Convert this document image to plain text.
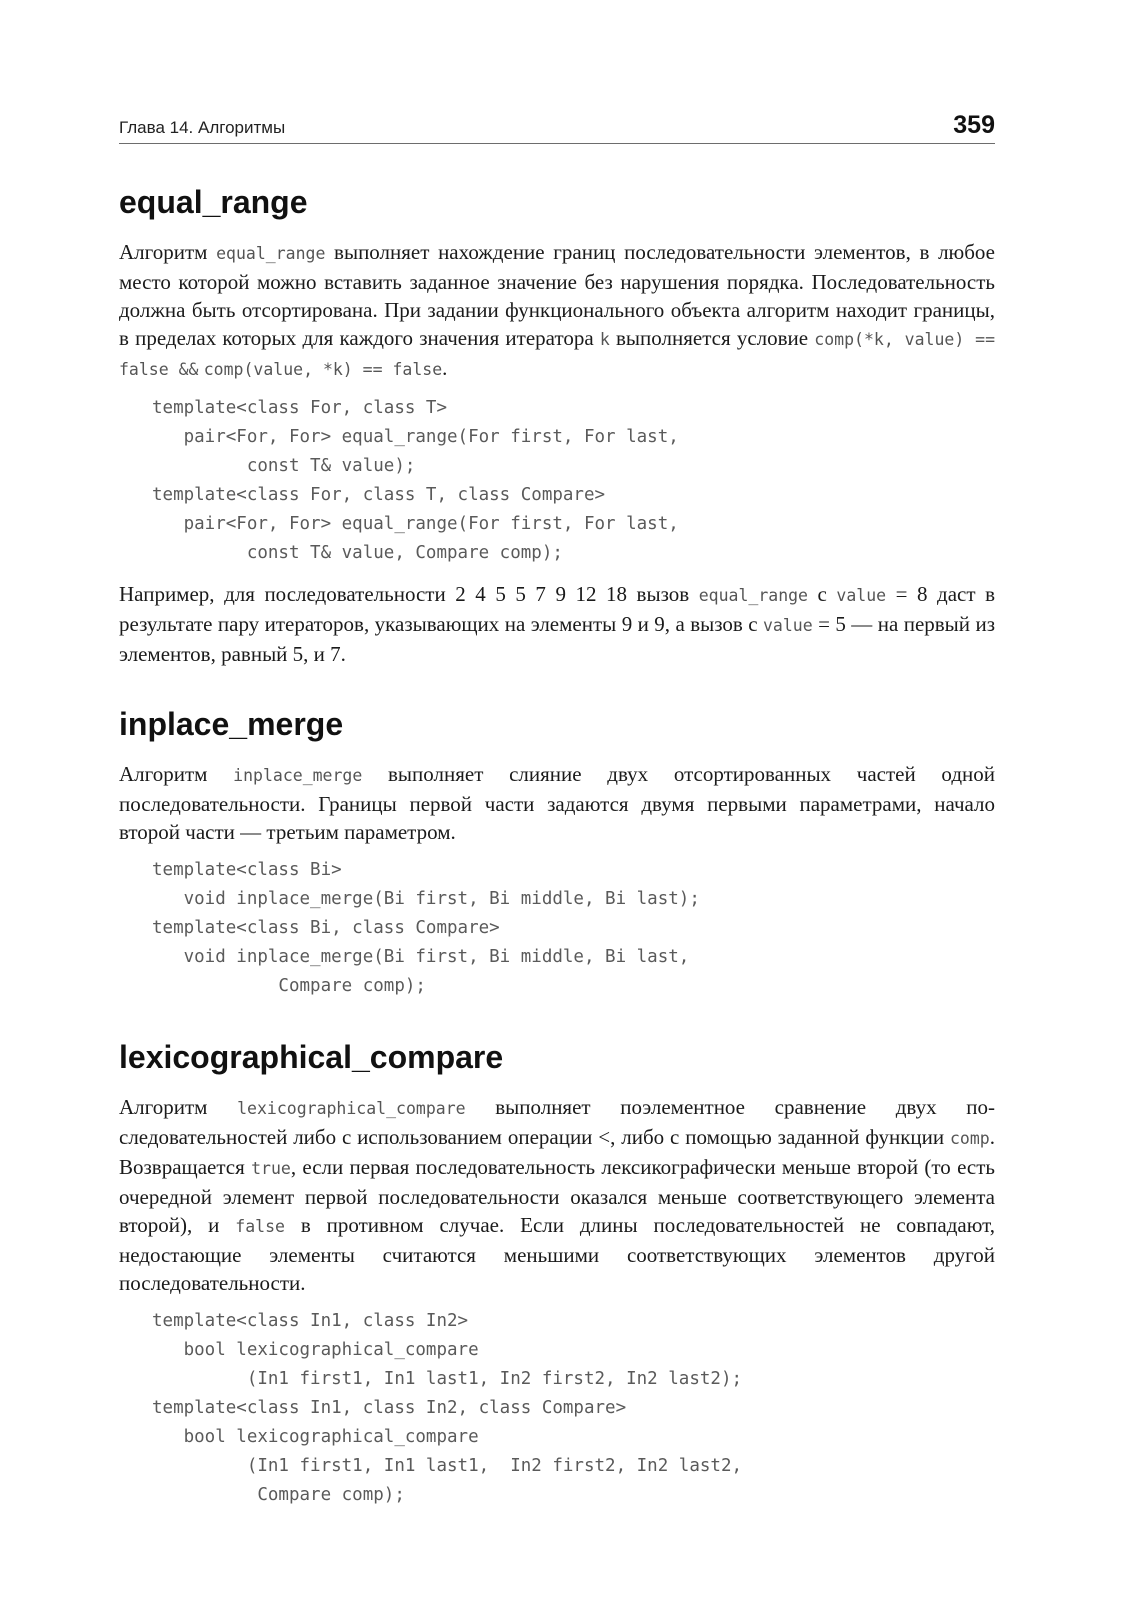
Глава 14. Алгоритмы	359
equal_range

Алгоритм equal_range выполняет нахождение границ последовательности элементов, в любое место которой можно вставить заданное значение без нарушения порядка. Последовательность должна быть отсортирована. При задании функционального объекта алгоритм находит границы, в пределах которых для каждого значения итератора k выполняется условие comp(*k, value) == false && comp(value, *k) == false.

template<class For, class T>
pair<For, For> equal_range(For first, For last,
const T& value);
template<class For, class T, class Compare>
pair<For, For> equal_range(For first, For last,
const T& value, Compare comp);

Например, для последовательности 2 4 5 5 7 9 12 18 вызов equal_range с value = 8 даст в результате пару итераторов, указывающих на элементы 9 и 9, а вызов с value = 5 — на первый из элементов, равный 5, и 7.

inplace_merge

Алгоритм inplace_merge выполняет слияние двух отсортированных частей одной последовательности. Границы первой части задаются двумя первыми параметрами, начало второй части — третьим параметром.

template<class Bi>
void inplace_merge(Bi first, Bi middle, Bi last);
template<class Bi, class Compare>
void inplace_merge(Bi first, Bi middle, Bi last,
Compare comp);
lexicographical_compare

Алгоритм lexicographical_compare выполняет поэлементное сравнение двух последовательностей либо с использованием операции <, либо с помощью заданной функции comp. Возвращается true, если первая последовательность лексикографически меньше второй (то есть очередной элемент первой последовательности оказался меньше соответствующего элемента второй), и false в противном случае. Если длины последовательностей не совпадают, недостающие элементы считаются меньшими соответствующих элементов другой последовательности.

template<class In1, class In2>
bool lexicographical_compare
(In1 first1, In1 last1, In2 first2, In2 last2);
template<class In1, class In2, class Compare>
bool lexicographical_compare
(In1 first1, In1 last1,  In2 first2, In2 last2,
Compare comp);
